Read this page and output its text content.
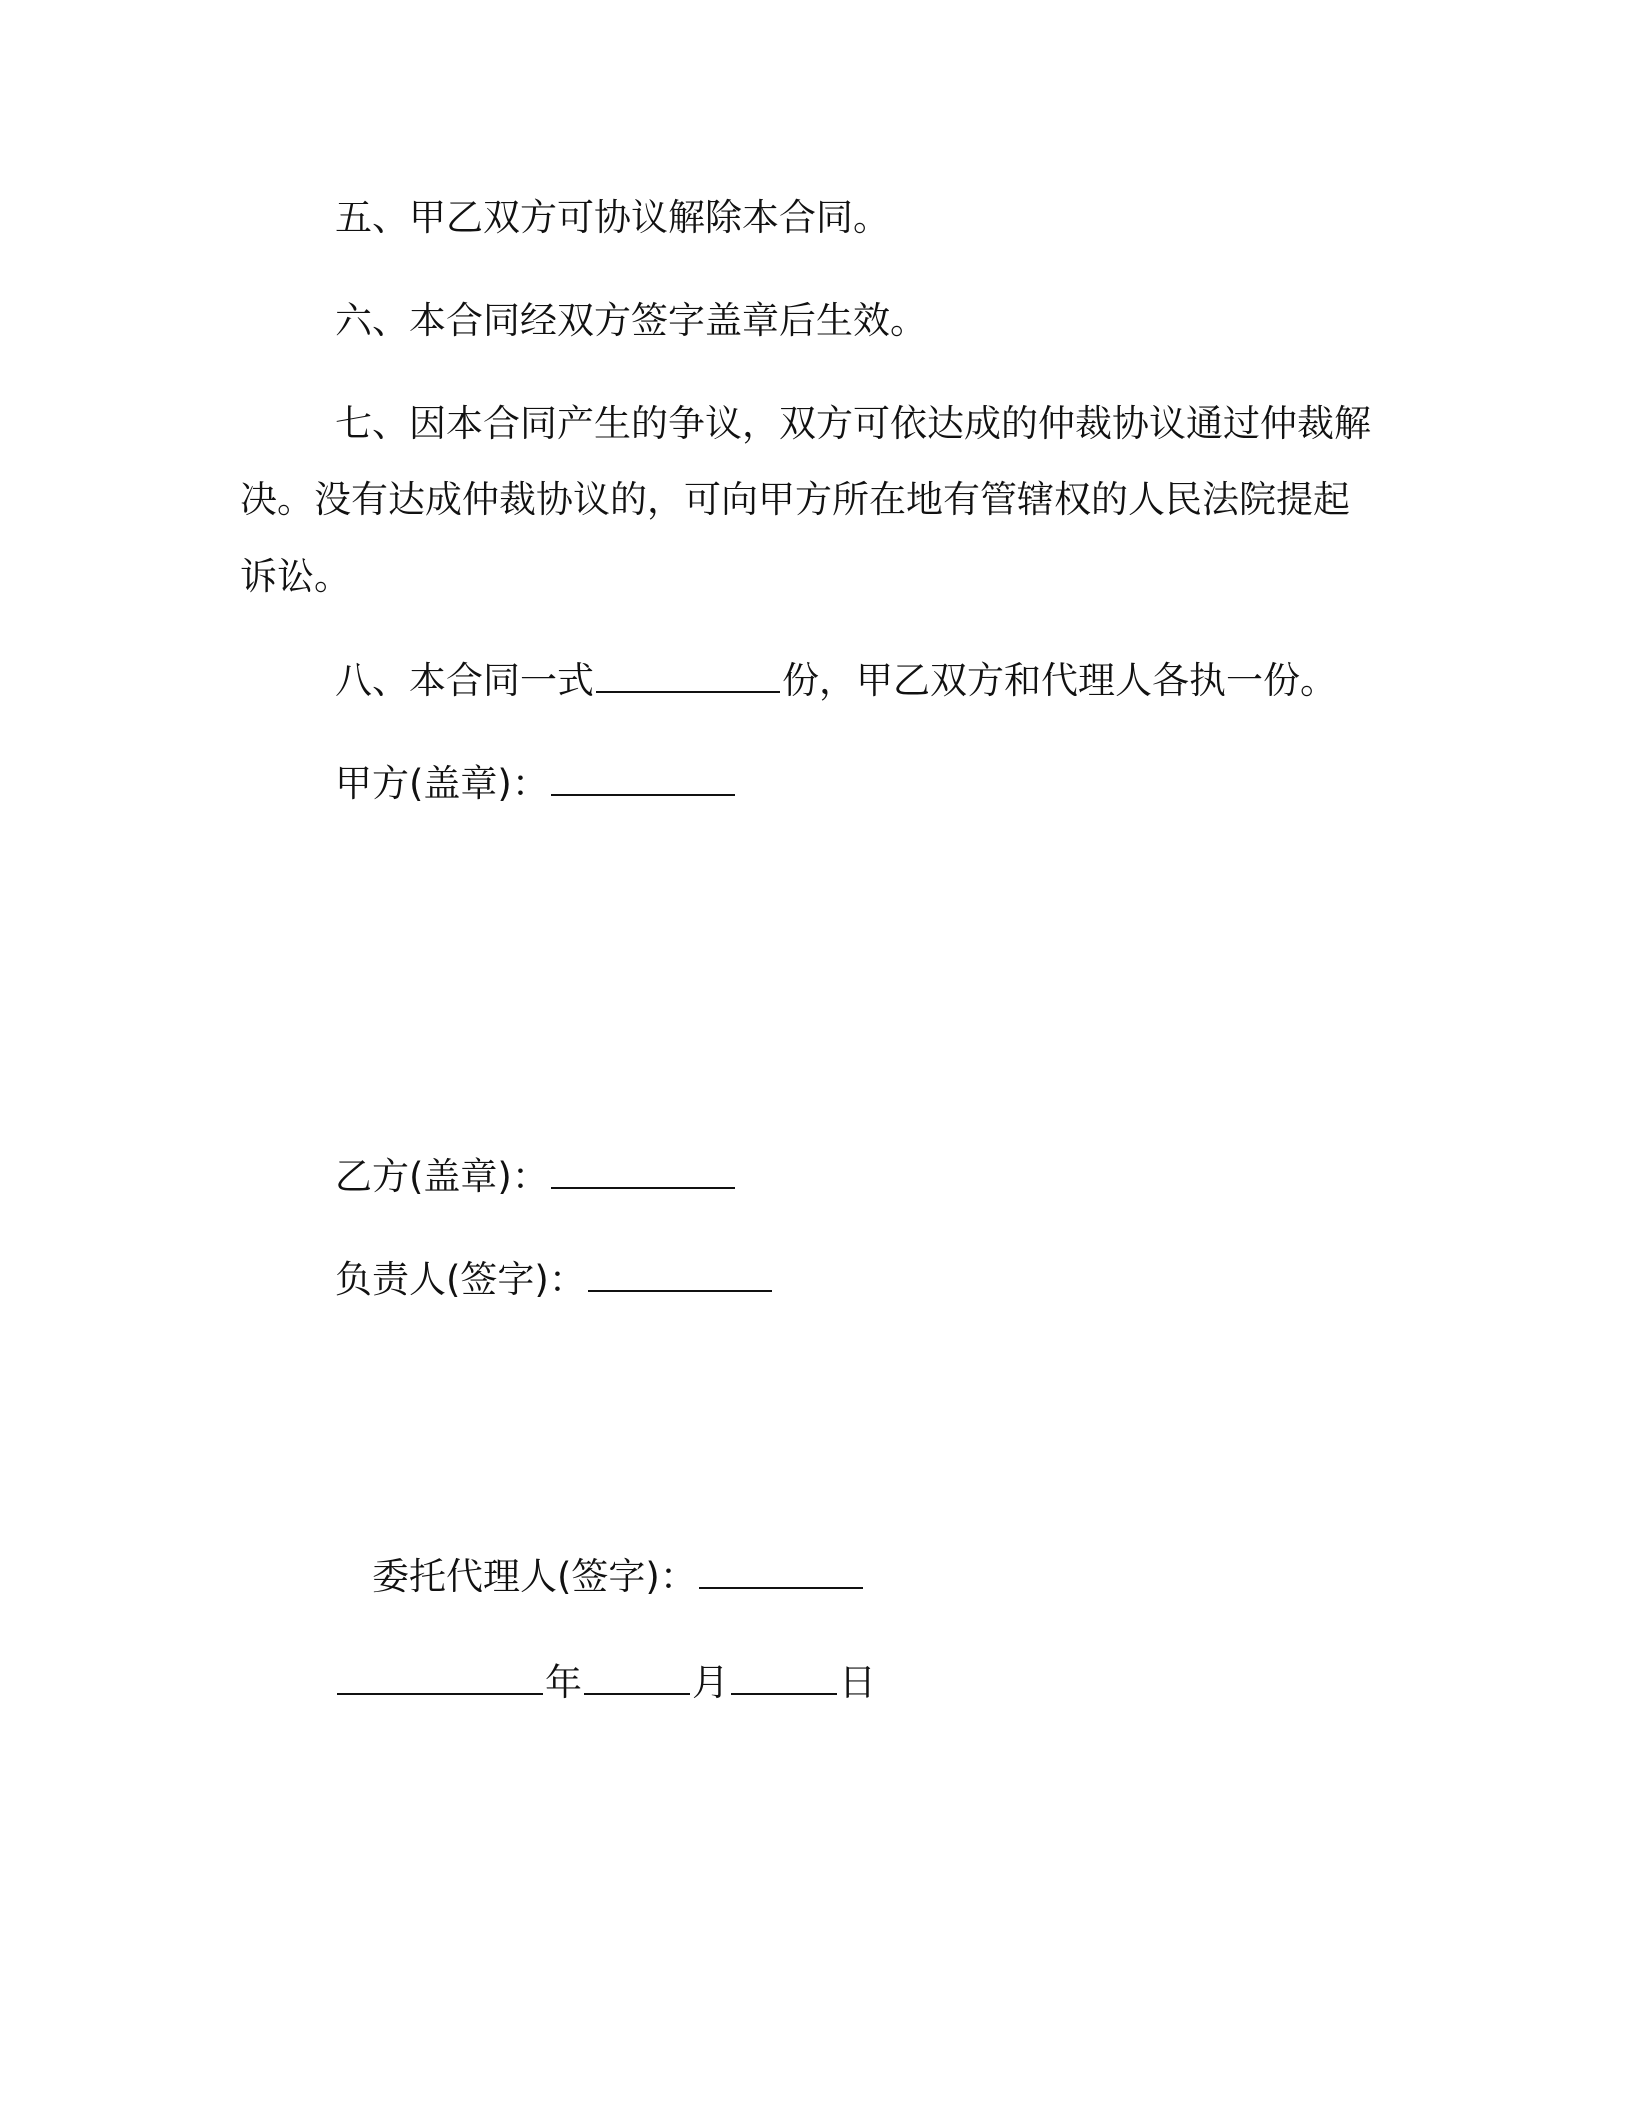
五、甲乙双方可协议解除本合同。
六、本合同经双方签字盖章后生效。
七、因本合同产生的争议，双方可依达成的仲裁协议通过仲裁解
决。没有达成仲裁协议的，可向甲方所在地有管辖权的人民法院提起
诉讼。
八、本合同一式	份，甲乙双方和代理人各执一份。
甲方(盖章)：
乙方(盖章)：
负责人(签字)：
委托代理人(签字)：
年	月	日
